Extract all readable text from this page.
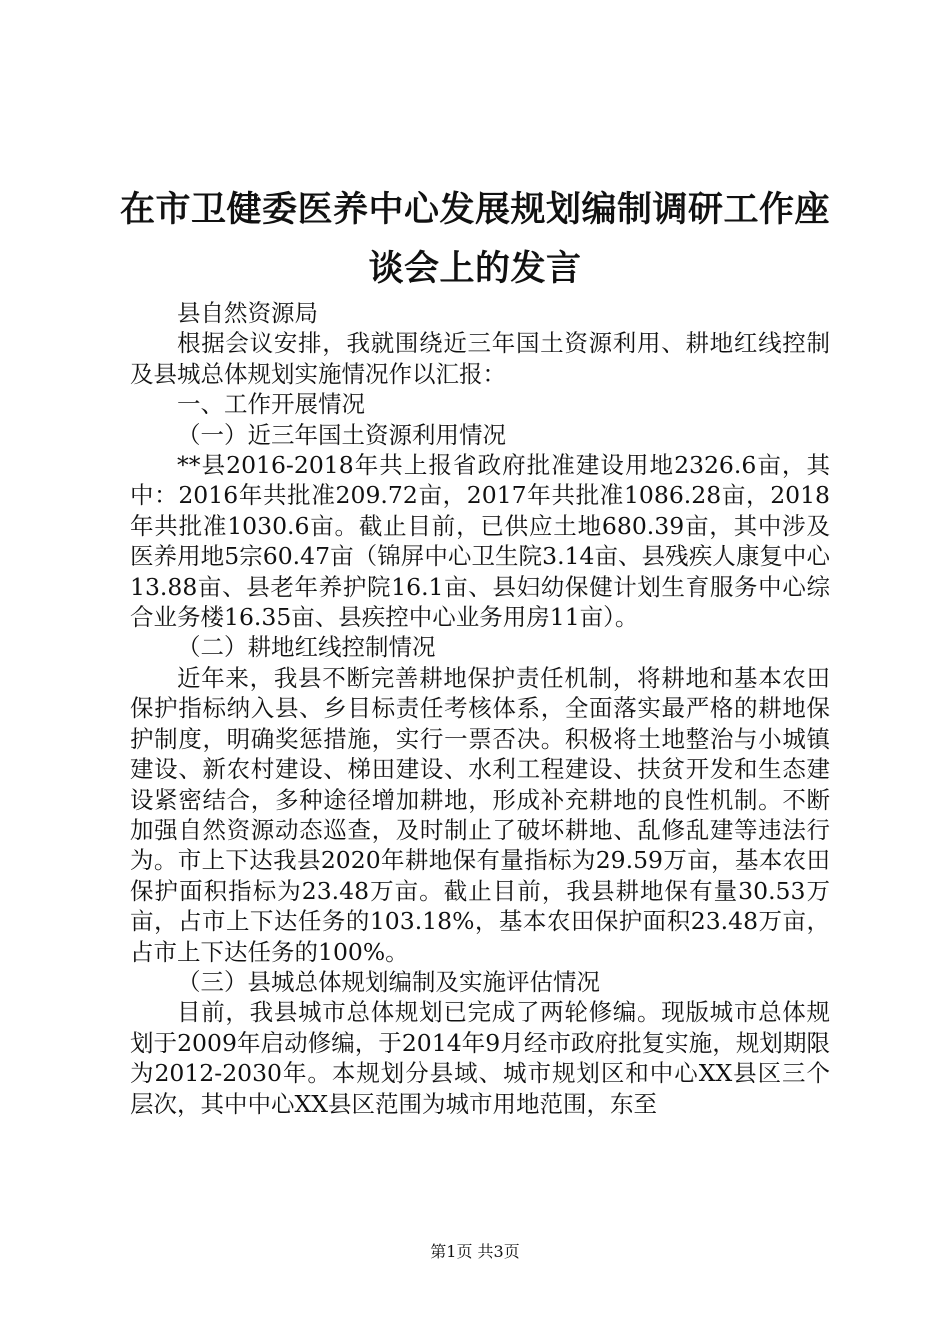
在市卫健委医养中心发展规划编制调研工作座
谈会上的发言

县自然资源局

根据会议安排，我就围绕近三年国土资源利用、耕地红线控制及县城总体规划实施情况作以汇报：

一、工作开展情况

（一）近三年国土资源利用情况

**县2016-2018年共上报省政府批准建设用地2326.6亩，其中：2016年共批准209.72亩，2017年共批准1086.28亩，2018年共批准1030.6亩。截止目前，已供应土地680.39亩，其中涉及医养用地5宗60.47亩（锦屏中心卫生院3.14亩、县残疾人康复中心13.88亩、县老年养护院16.1亩、县妇幼保健计划生育服务中心综合业务楼16.35亩、县疾控中心业务用房11亩）。

（二）耕地红线控制情况

近年来，我县不断完善耕地保护责任机制，将耕地和基本农田保护指标纳入县、乡目标责任考核体系，全面落实最严格的耕地保护制度，明确奖惩措施，实行一票否决。积极将土地整治与小城镇建设、新农村建设、梯田建设、水利工程建设、扶贫开发和生态建设紧密结合，多种途径增加耕地，形成补充耕地的良性机制。不断加强自然资源动态巡查，及时制止了破坏耕地、乱修乱建等违法行为。市上下达我县2020年耕地保有量指标为29.59万亩，基本农田保护面积指标为23.48万亩。截止目前，我县耕地保有量30.53万亩，占市上下达任务的103.18%，基本农田保护面积23.48万亩，占市上下达任务的100%。

（三）县城总体规划编制及实施评估情况

目前，我县城市总体规划已完成了两轮修编。现版城市总体规划于2009年启动修编，于2014年9月经市政府批复实施，规划期限为2012-2030年。本规划分县域、城市规划区和中心XX县区三个层次，其中中心XX县区范围为城市用地范围，东至

第1页 共3页
